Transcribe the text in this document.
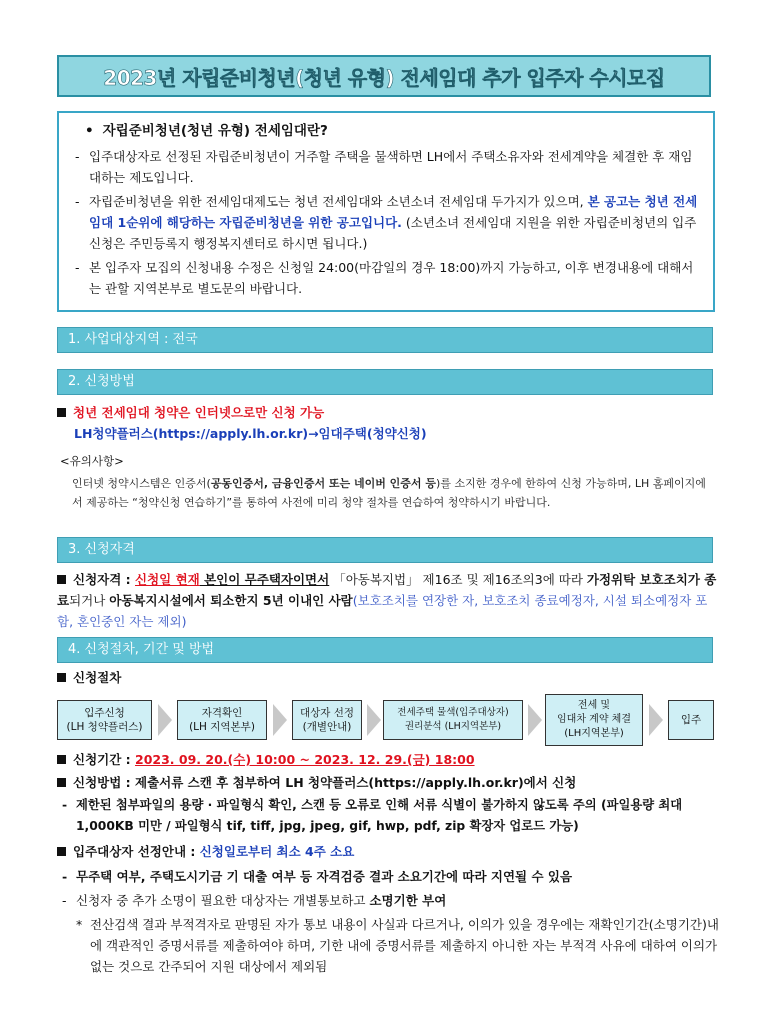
2023년 자립준비청년(청년 유형) 전세임대 추가 입주자 수시모집
• 자립준비청년(청년 유형) 전세임대란?
- 입주대상자로 선정된 자립준비청년이 거주할 주택을 물색하면 LH에서 주택소유자와 전세계약을 체결한 후 재임대하는 제도입니다.
- 자립준비청년을 위한 전세임대제도는 청년 전세임대와 소년소녀 전세임대 두가지가 있으며, 본 공고는 청년 전세임대 1순위에 해당하는 자립준비청년을 위한 공고입니다. (소년소녀 전세임대 지원을 위한 자립준비청년의 입주신청은 주민등록지 행정복지센터로 하시면 됩니다.)
- 본 입주자 모집의 신청내용 수정은 신청일 24:00(마감일의 경우 18:00)까지 가능하고, 이후 변경내용에 대해서는 관할 지역본부로 별도문의 바랍니다.
1. 사업대상지역 : 전국
2. 신청방법
청년 전세임대 청약은 인터넷으로만 신청 가능
LH청약플러스(https://apply.lh.or.kr)→임대주택(청약신청)
<유의사항>
인터넷 청약시스템은 인증서(공동인증서, 금융인증서 또는 네이버 인증서 등)를 소지한 경우에 한하여 신청 가능하며, LH 홈페이지에서 제공하는 “청약신청 연습하기”를 통하여 사전에 미리 청약 절차를 연습하여 청약하시기 바랍니다.
3. 신청자격
신청자격 : 신청일 현재 본인이 무주택자이면서 「아동복지법」 제16조 및 제16조의3에 따라 가정위탁 보호조치가 종료되거나 아동복지시설에서 퇴소한지 5년 이내인 사람(보호조치를 연장한 자, 보호조치 종료예정자, 시설 퇴소예정자 포함, 혼인중인 자는 제외)
4. 신청절차, 기간 및 방법
신청절차
입주신청
(LH 청약플러스)
자격확인
(LH 지역본부)
대상자 선정
(개별안내)
전세주택 물색(입주대상자)
권리분석 (LH지역본부)
전세 및
임대차 계약 체결
(LH지역본부)
입주
신청기간 : 2023. 09. 20.(수) 10:00 ~ 2023. 12. 29.(금) 18:00
신청방법 : 제출서류 스캔 후 첨부하여 LH 청약플러스(https://apply.lh.or.kr)에서 신청
- 제한된 첨부파일의 용량 · 파일형식 확인, 스캔 등 오류로 인해 서류 식별이 불가하지 않도록 주의 (파일용량 최대 1,000KB 미만 / 파일형식 tif, tiff, jpg, jpeg, gif, hwp, pdf, zip 확장자 업로드 가능)
입주대상자 선정안내 : 신청일로부터 최소 4주 소요
- 무주택 여부, 주택도시기금 기 대출 여부 등 자격검증 결과 소요기간에 따라 지연될 수 있음
- 신청자 중 추가 소명이 필요한 대상자는 개별통보하고 소명기한 부여
* 전산검색 결과 부적격자로 판명된 자가 통보 내용이 사실과 다르거나, 이의가 있을 경우에는 재확인기간(소명기간)내에 객관적인 증명서류를 제출하여야 하며, 기한 내에 증명서류를 제출하지 아니한 자는 부적격 사유에 대하여 이의가 없는 것으로 간주되어 지원 대상에서 제외됨
